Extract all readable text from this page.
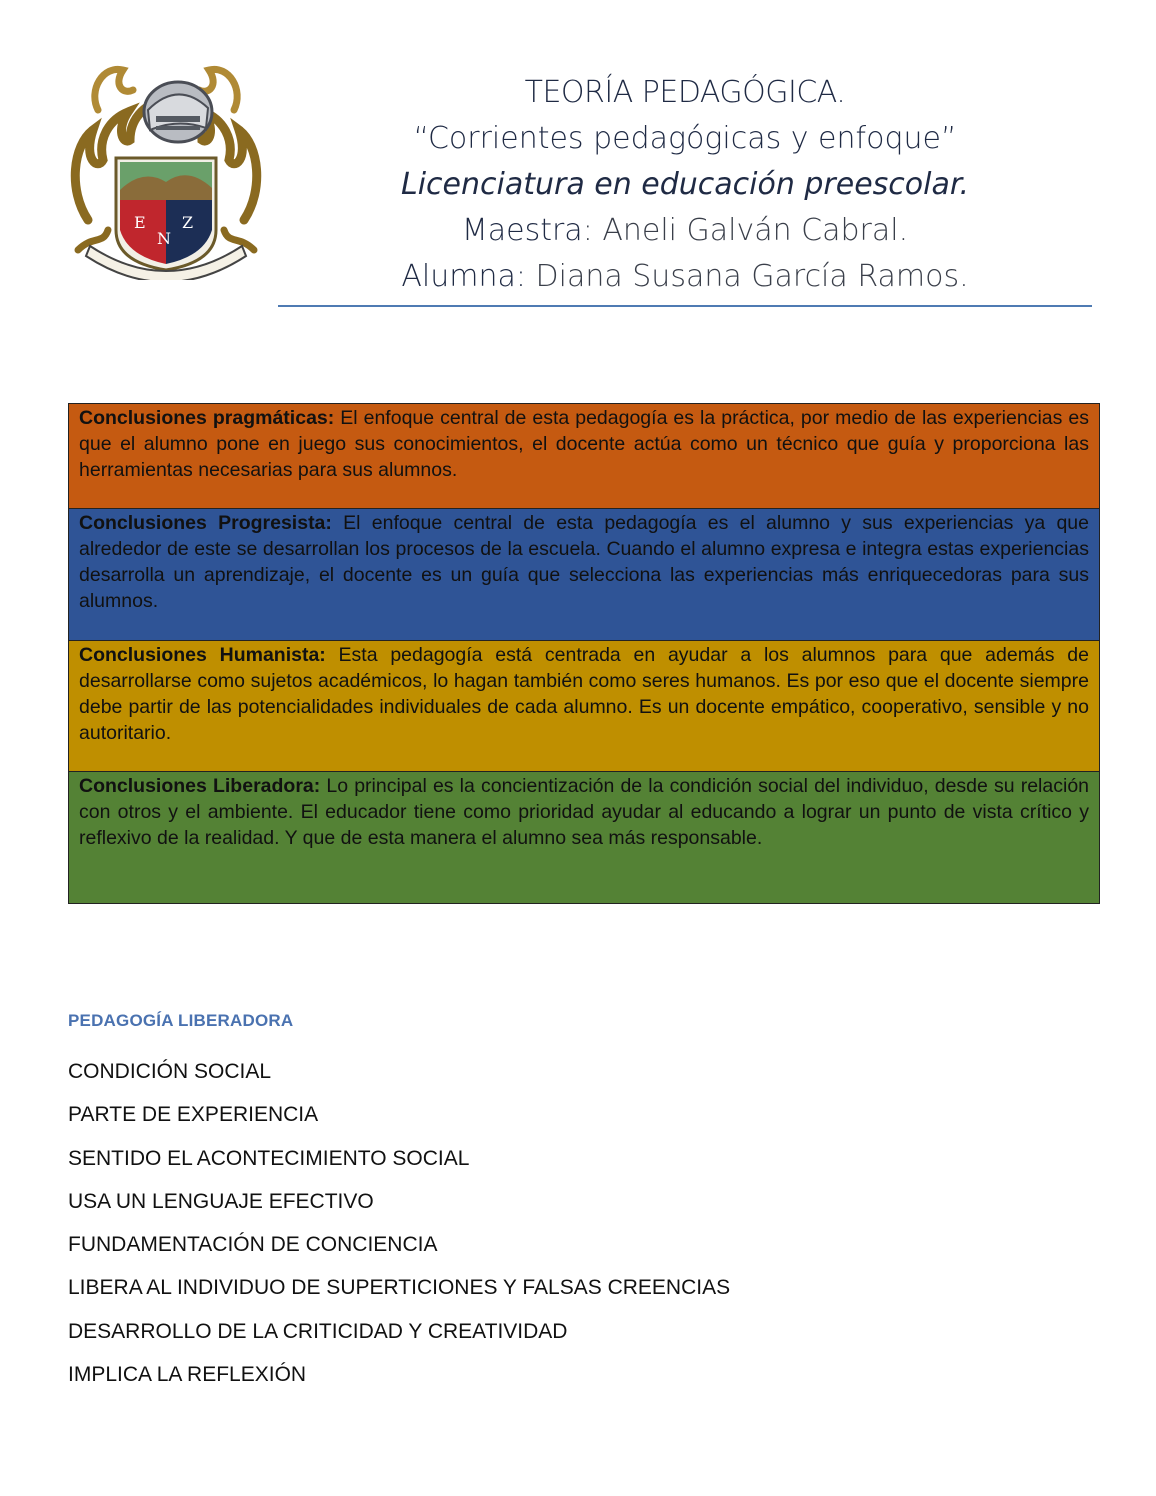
E
N
Z
TEORÍA PEDAGÓGICA.
“Corrientes pedagógicas y enfoque”
Licenciatura en educación preescolar.
Maestra: Aneli Galván Cabral.
Alumna: Diana Susana García Ramos.
Conclusiones pragmáticas: El enfoque central de esta pedagogía es la práctica, por medio de las experiencias es que el alumno pone en juego sus conocimientos, el docente actúa como un técnico que guía y proporciona las herramientas necesarias para sus alumnos.
Conclusiones Progresista: El enfoque central de esta pedagogía es el alumno y sus experiencias ya que alrededor de este se desarrollan los procesos de la escuela. Cuando el alumno expresa e integra estas experiencias desarrolla un aprendizaje, el docente es un guía que selecciona las experiencias más enriquecedoras para sus alumnos.
Conclusiones Humanista: Esta pedagogía está centrada en ayudar a los alumnos para que además de desarrollarse como sujetos académicos, lo hagan también como seres humanos. Es por eso que el docente siempre debe partir de las potencialidades individuales de cada alumno. Es un docente empático, cooperativo, sensible y no autoritario.
Conclusiones Liberadora: Lo principal es la concientización de la condición social del individuo, desde su relación con otros y el ambiente. El educador tiene como prioridad ayudar al educando a lograr un punto de vista crítico y reflexivo de la realidad. Y que de esta manera el alumno sea más responsable.
PEDAGOGÍA LIBERADORA
CONDICIÓN SOCIAL
PARTE DE EXPERIENCIA
SENTIDO EL ACONTECIMIENTO SOCIAL
USA UN LENGUAJE EFECTIVO
FUNDAMENTACIÓN DE CONCIENCIA
LIBERA AL INDIVIDUO DE SUPERTICIONES Y FALSAS CREENCIAS
DESARROLLO DE LA CRITICIDAD Y CREATIVIDAD
IMPLICA LA REFLEXIÓN
